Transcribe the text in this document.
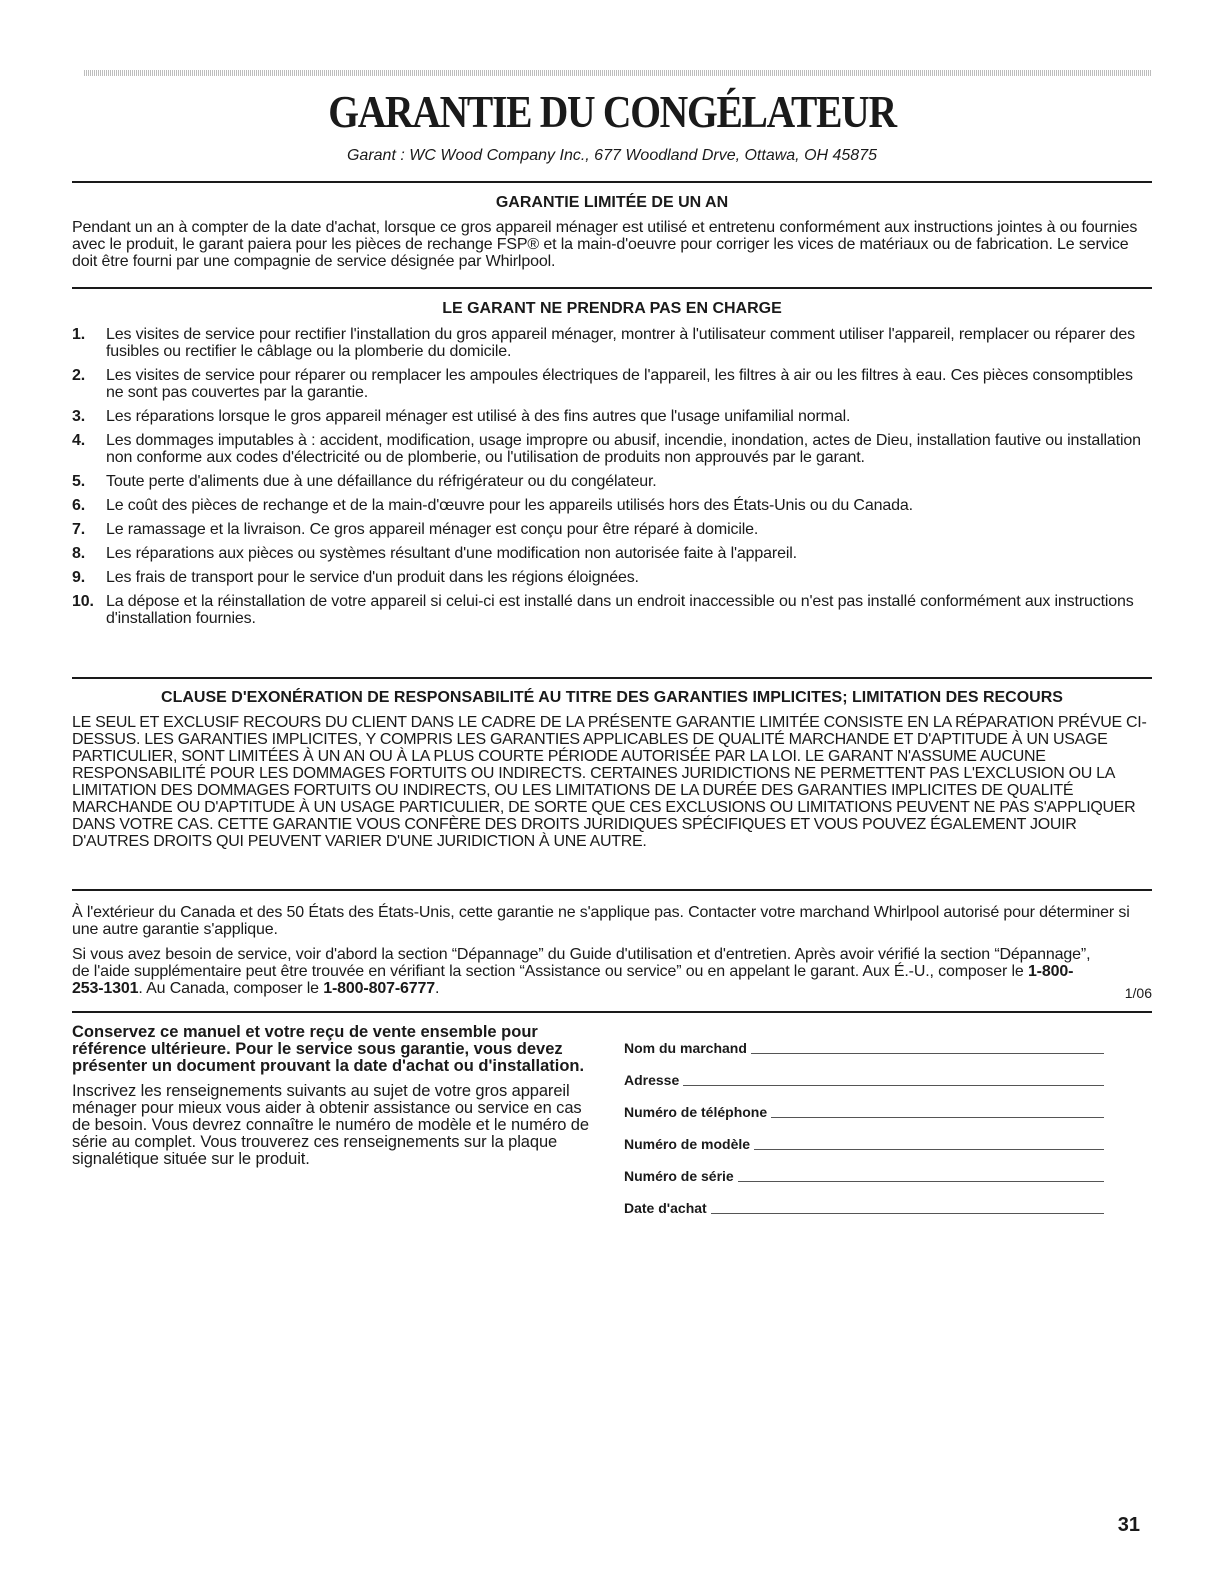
GARANTIE DU CONGÉLATEUR
Garant : WC Wood Company Inc., 677 Woodland Drve, Ottawa, OH 45875
GARANTIE LIMITÉE DE UN AN
Pendant un an à compter de la date d'achat, lorsque ce gros appareil ménager est utilisé et entretenu conformément aux instructions jointes à ou fournies avec le produit, le garant paiera pour les pièces de rechange FSP® et la main-d'oeuvre pour corriger les vices de matériaux ou de fabrication. Le service doit être fourni par une compagnie de service désignée par Whirlpool.
LE GARANT NE PRENDRA PAS EN CHARGE
1.	Les visites de service pour rectifier l'installation du gros appareil ménager, montrer à l'utilisateur comment utiliser l'appareil, remplacer ou réparer des fusibles ou rectifier le câblage ou la plomberie du domicile.
2.	Les visites de service pour réparer ou remplacer les ampoules électriques de l'appareil, les filtres à air ou les filtres à eau. Ces pièces consomptibles ne sont pas couvertes par la garantie.
3.	Les réparations lorsque le gros appareil ménager est utilisé à des fins autres que l'usage unifamilial normal.
4.	Les dommages imputables à : accident, modification, usage impropre ou abusif, incendie, inondation, actes de Dieu, installation fautive ou installation non conforme aux codes d'électricité ou de plomberie, ou l'utilisation de produits non approuvés par le garant.
5.	Toute perte d'aliments due à une défaillance du réfrigérateur ou du congélateur.
6.	Le coût des pièces de rechange et de la main-d'œuvre pour les appareils utilisés hors des États-Unis ou du Canada.
7.	Le ramassage et la livraison. Ce gros appareil ménager est conçu pour être réparé à domicile.
8.	Les réparations aux pièces ou systèmes résultant d'une modification non autorisée faite à l'appareil.
9.	Les frais de transport pour le service d'un produit dans les régions éloignées.
10. La dépose et la réinstallation de votre appareil si celui-ci est installé dans un endroit inaccessible ou n'est pas installé conformément aux instructions d'installation fournies.
CLAUSE D'EXONÉRATION DE RESPONSABILITÉ AU TITRE DES GARANTIES IMPLICITES; LIMITATION DES RECOURS
LE SEUL ET EXCLUSIF RECOURS DU CLIENT DANS LE CADRE DE LA PRÉSENTE GARANTIE LIMITÉE CONSISTE EN LA RÉPARATION PRÉVUE CI-DESSUS. LES GARANTIES IMPLICITES, Y COMPRIS LES GARANTIES APPLICABLES DE QUALITÉ MARCHANDE ET D'APTITUDE À UN USAGE PARTICULIER, SONT LIMITÉES À UN AN OU À LA PLUS COURTE PÉRIODE AUTORISÉE PAR LA LOI. LE GARANT N'ASSUME AUCUNE RESPONSABILITÉ POUR LES DOMMAGES FORTUITS OU INDIRECTS. CERTAINES JURIDICTIONS NE PERMETTENT PAS L'EXCLUSION OU LA LIMITATION DES DOMMAGES FORTUITS OU INDIRECTS, OU LES LIMITATIONS DE LA DURÉE DES GARANTIES IMPLICITES DE QUALITÉ MARCHANDE OU D'APTITUDE À UN USAGE PARTICULIER, DE SORTE QUE CES EXCLUSIONS OU LIMITATIONS PEUVENT NE PAS S'APPLIQUER DANS VOTRE CAS. CETTE GARANTIE VOUS CONFÈRE DES DROITS JURIDIQUES SPÉCIFIQUES ET VOUS POUVEZ ÉGALEMENT JOUIR D'AUTRES DROITS QUI PEUVENT VARIER D'UNE JURIDICTION À UNE AUTRE.
À l'extérieur du Canada et des 50 États des États-Unis, cette garantie ne s'applique pas. Contacter votre marchand Whirlpool autorisé pour déterminer si une autre garantie s'applique.
Si vous avez besoin de service, voir d'abord la section “Dépannage” du Guide d'utilisation et d'entretien. Après avoir vérifié la section “Dépannage”, de l'aide supplémentaire peut être trouvée en vérifiant la section “Assistance ou service” ou en appelant le garant. Aux É.-U., composer le 1-800-253-1301. Au Canada, composer le 1-800-807-6777.	1/06

Conservez ce manuel et votre reçu de vente ensemble pour référence ultérieure. Pour le service sous garantie, vous devez présenter un document prouvant la date d'achat ou d'installation.

Inscrivez les renseignements suivants au sujet de votre gros appareil ménager pour mieux vous aider à obtenir assistance ou service en cas de besoin. Vous devrez connaître le numéro de modèle et le numéro de série au complet. Vous trouverez ces renseignements sur la plaque signalétique située sur le produit.

Nom du marchand
Adresse
Numéro de téléphone
Numéro de modèle
Numéro de série
Date d'achat
31
